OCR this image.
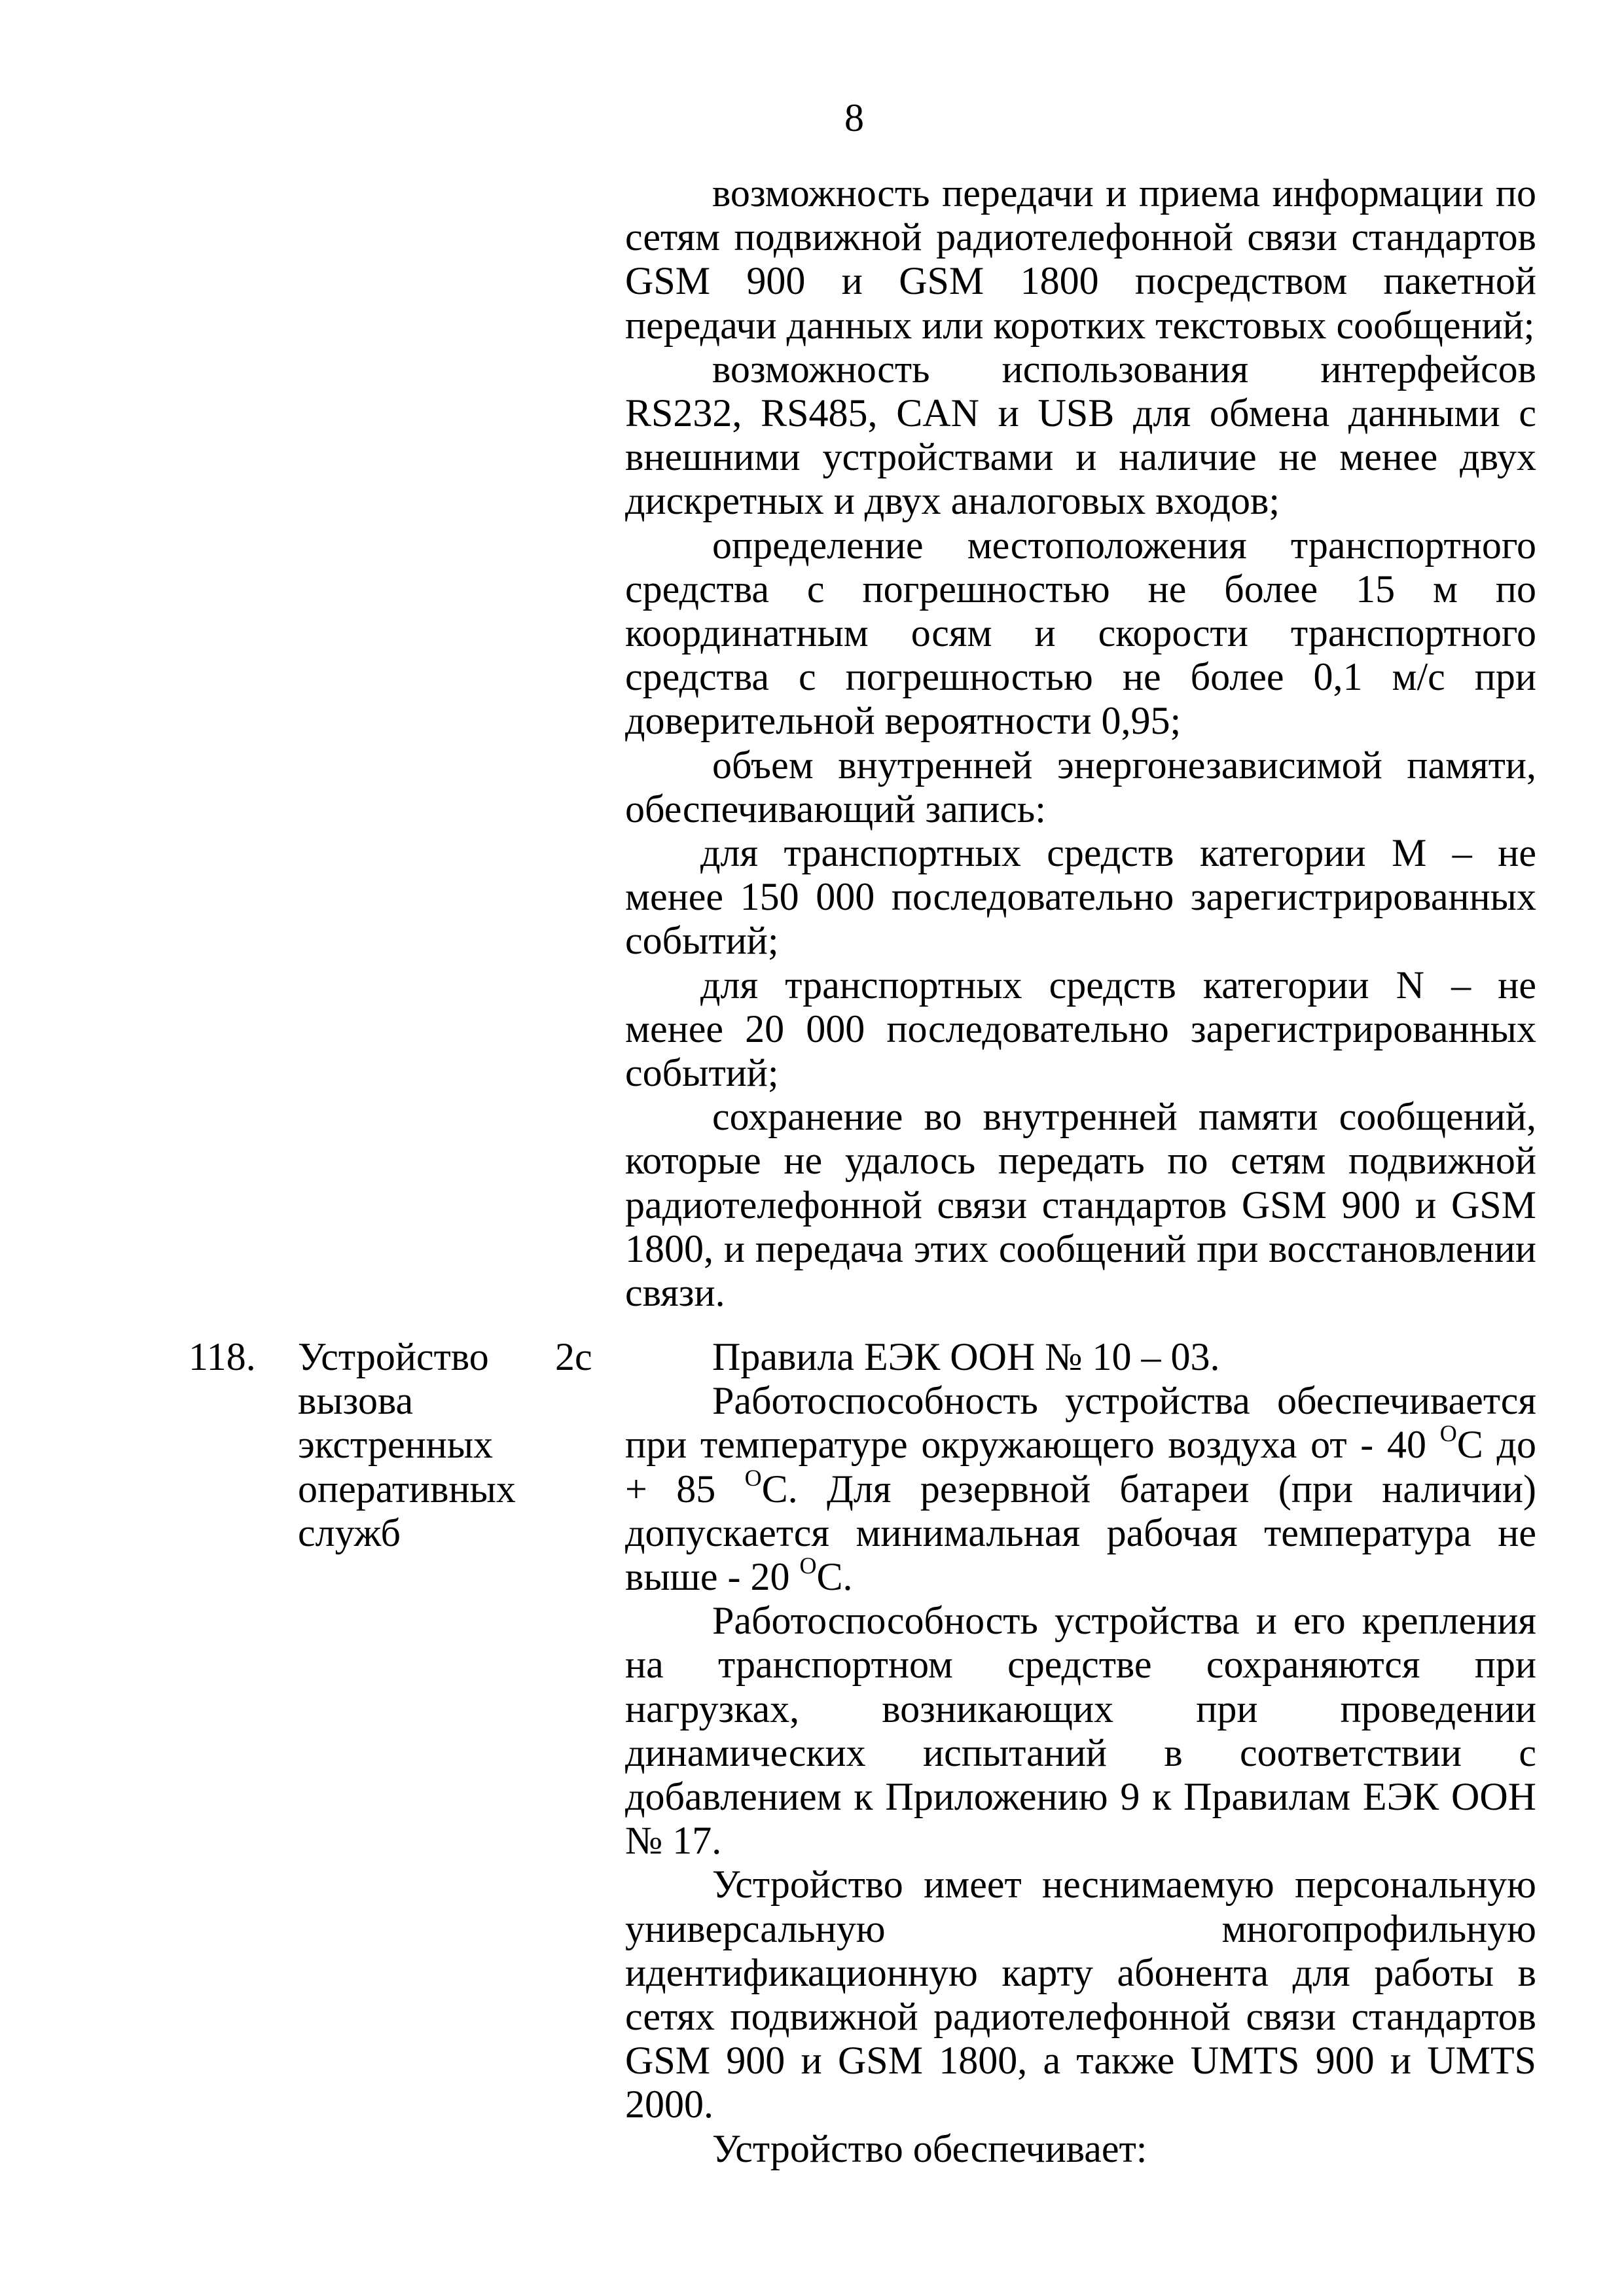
8

возможность передачи и приема информации по сетям подвижной радиотелефонной связи стандартов GSM 900 и GSM 1800 посредством пакетной передачи данных или коротких текстовых сообщений;

возможность использования интерфейсов RS232, RS485, CAN и USB для обмена данными с внешними устройствами и наличие не менее двух дискретных и двух аналоговых входов;

определение местоположения транспортного средства с погрешностью не более 15 м по координатным осям и скорости транспортного средства с погрешностью не более 0,1 м/с при доверительной вероятности 0,95;

объем внутренней энергонезависимой памяти, обеспечивающий запись:

для транспортных средств категории М – не менее 150 000 последовательно зарегистрированных событий;

для транспортных средств категории N – не менее 20 000 последовательно зарегистрированных событий;

сохранение во внутренней памяти сообщений, которые не удалось передать по сетям подвижной радиотелефонной связи стандартов GSM 900 и GSM 1800, и передача этих сообщений при восстановлении связи.

118. Устройство вызова экстренных оперативных служб
2с	Правила ЕЭК ООН № 10 – 03.

Работоспособность устройства обеспечивается при температуре окружающего воздуха от - 40 $^О$С до + 85 $^О$С. Для резервной батареи (при наличии) допускается минимальная рабочая температура не выше - 20 $^О$С.

Работоспособность устройства и его крепления на транспортном средстве сохраняются при нагрузках, возникающих при проведении динамических испытаний в соответствии с добавлением к Приложению 9 к Правилам ЕЭК ООН № 17.

Устройство имеет неснимаемую персональную универсальную многопрофильную идентификационную карту абонента для работы в сетях подвижной радиотелефонной связи стандартов GSM 900 и GSM 1800, а также UMTS 900 и UMTS 2000.

Устройство обеспечивает:
